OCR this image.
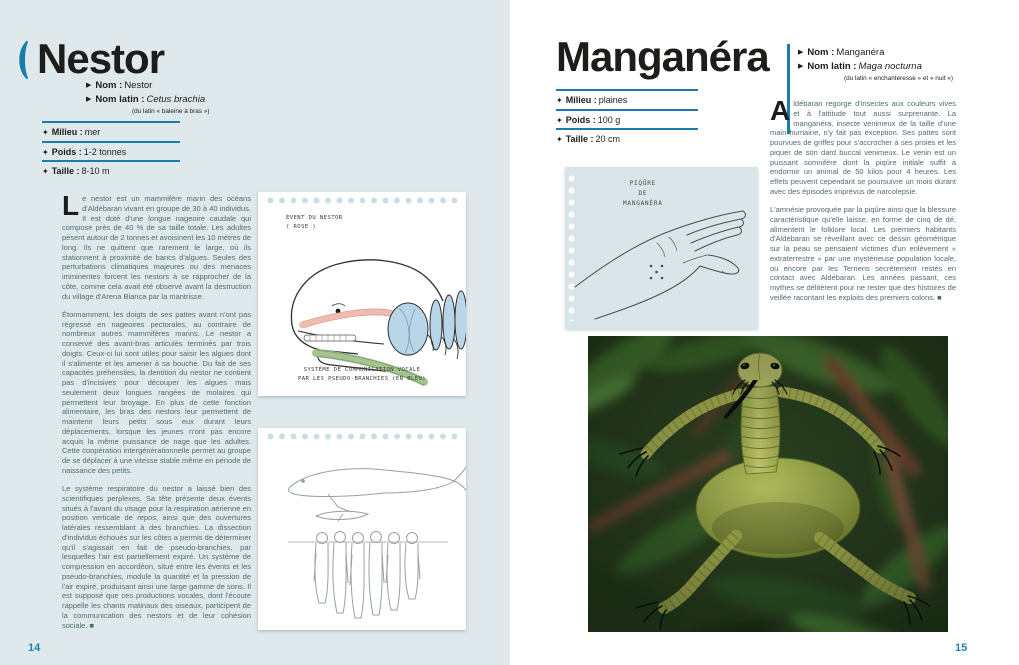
Nestor
▶ Nom : Nestor
▶ Nom latin : Cetus brachia
(du latin « baleine à bras »)
✦ Milieu : mer
✦ Poids : 1-2 tonnes
✦ Taille : 8-10 m

Le nestor est un mammifère marin des océans d'Aldébaran vivant en groupe de 30 à 40 individus. Il est doté d'une longue nageoire caudale qui compose près de 40 % de sa taille totale. Les adultes pèsent autour de 2 tonnes et avoisinent les 10 mètres de long. Ils ne quittent que rarement le large, où ils stationnent à proximité de bancs d'algues. Seules des perturbations climatiques majeures ou des menaces imminentes forcent les nestors à se rapprocher de la côte, comme cela avait été observé avant la destruction du village d'Arena Bianca par la mantrisse.

Étonnamment, les doigts de ses pattes avant n'ont pas régressé en nageoires pectorales, au contraire de nombreux autres mammifères marins. Le nestor a conservé des avant-bras articulés terminés par trois doigts. Ceux-ci lui sont utiles pour saisir les algues dont il s'alimente et les amener à sa bouche. Du fait de ses capacités préhensiles, la dentition du nestor ne contient pas d'incisives pour découper les algues mais seulement deux longues rangées de molaires qui permettent leur broyage. En plus de cette fonction alimentaire, les bras des nestors leur permettent de maintenir leurs petits sous eux durant leurs déplacements, lorsque les jeunes n'ont pas encore acquis la même puissance de nage que les adultes. Cette coopération intergénérationnelle permet au groupe de se déplacer à une vitesse stable même en période de naissance des petits.

Le système respiratoire du nestor a laissé bien des scientifiques perplexes. Sa tête présente deux évents situés à l'avant du visage pour la respiration aérienne en position verticale de repos, ainsi que des ouvertures latérales ressemblant à des branchies. La dissection d'individus échoués sur les côtes a permis de déterminer qu'il s'agissait en fait de pseudo-branchies, par lesquelles l'air est partiellement expiré. Un système de compression en accordéon, situé entre les évents et les pseudo-branchies, module la quantité et la pression de l'air expiré, produisant ainsi une large gamme de sons. Il est supposé que ces productions vocales, dont l'écoute rappelle les chants matinaux des oiseaux, participent de la communication des nestors et de leur cohésion sociale. ■

ÉVENT DU NESTOR
( ROSE )
SYSTÈME DE COMMUNICATION VOCALE
PAR LES PSEUDO-BRANCHIES (EN BLEU)
14
Manganéra	▶ Nom : Manganéra
▶ Nom latin : Maga nocturna
(du latin « enchanteresse » et « nuit »)
✦ Milieu : plaines
✦ Poids : 100 g
✦ Taille : 20 cm
PIQÛRE
DE
MANGANÉRA

Aldébaran regorge d'insectes aux couleurs vives et à l'attitude tout aussi surprenante. La manganéra, insecte venimeux de la taille d'une main humaine, n'y fait pas exception. Ses pattes sont pourvues de griffes pour s'accrocher à ses proies et les piquer de son dard buccal venimeux. Le venin est un puissant somnifère dont la piqûre initiale suffit à endormir un animal de 50 kilos pour 4 heures. Les effets peuvent cependant se poursuivre un mois durant avec des épisodes imprévus de narcolepsie.

L'amnésie provoquée par la piqûre ainsi que la blessure caractéristique qu'elle laisse, en forme de cinq de dé, alimentent le folklore local. Les premiers habitants d'Aldébaran se réveillant avec ce dessin géométrique sur la peau se pensaient victimes d'un enlèvement « extraterrestre » par une mystérieuse population locale, ou encore par les Terriens secrètement restés en contact avec Aldébaran. Les années passant, ces mythes se délitèrent pour ne rester que des histoires de veillée racontant les exploits des premiers colons. ■

15
